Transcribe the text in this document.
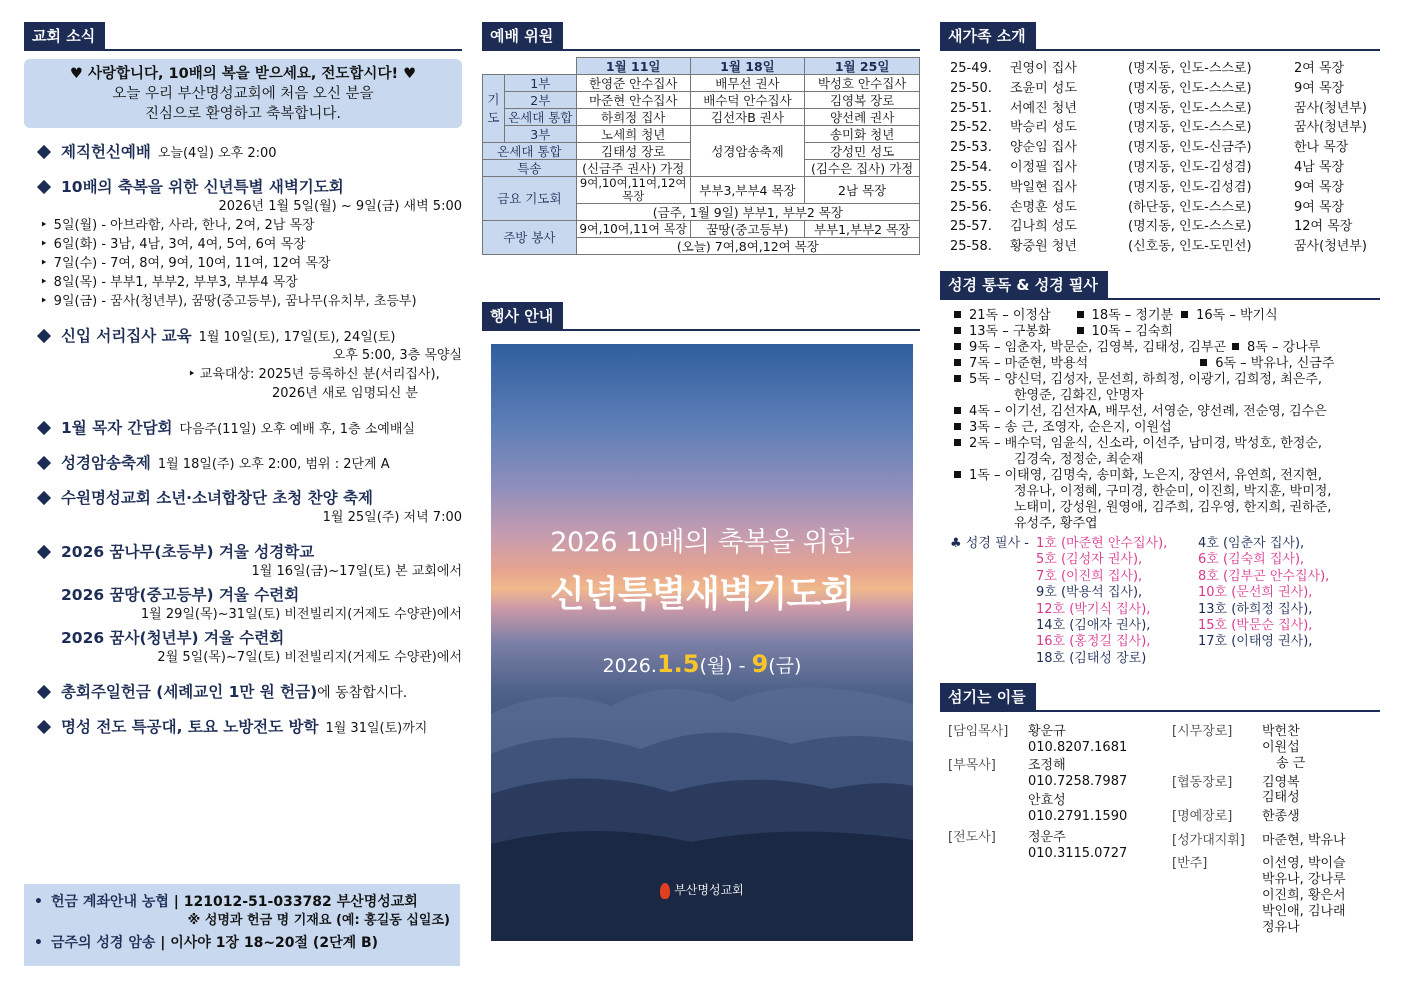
교회 소식
♥ 사랑합니다, 10배의 복을 받으세요, 전도합시다! ♥
오늘 우리 부산명성교회에 처음 오신 분을
진심으로 환영하고 축복합니다.
제직헌신예배 오늘(4일) 오후 2:00
10배의 축복을 위한 신년특별 새벽기도회
2026년 1월 5일(월) ~ 9일(금) 새벽 5:00
‣ 5일(월) - 아브라함, 사라, 한나, 2여, 2남 목장
‣ 6일(화) - 3남, 4남, 3여, 4여, 5여, 6여 목장
‣ 7일(수) - 7여, 8여, 9여, 10여, 11여, 12여 목장
‣ 8일(목) - 부부1, 부부2, 부부3, 부부4 목장
‣ 9일(금) - 꿈사(청년부), 꿈땅(중고등부), 꿈나무(유치부, 초등부)
신입 서리집사 교육 1월 10일(토), 17일(토), 24일(토)
오후 5:00, 3층 목양실
‣ 교육대상: 2025년 등록하신 분(서리집사),
2026년 새로 임명되신 분
1월 목자 간담회 다음주(11일) 오후 예배 후, 1층 소예배실
성경암송축제 1월 18일(주) 오후 2:00, 범위 : 2단계 A
수원명성교회 소년·소녀합창단 초청 찬양 축제
1월 25일(주) 저녁 7:00
2026 꿈나무(초등부) 겨울 성경학교
1월 16일(금)~17일(토) 본 교회에서
2026 꿈땅(중고등부) 겨울 수련회
1월 29일(목)~31일(토) 비전빌리지(거제도 수양관)에서
2026 꿈사(청년부) 겨울 수련회
2월 5일(목)~7일(토) 비전빌리지(거제도 수양관)에서
총회주일헌금 (세례교인 1만 원 헌금) 에 동참합시다.
명성 전도 특공대, 토요 노방전도 방학 1월 31일(토)까지
• 헌금 계좌안내 농협 | 121012-51-033782 부산명성교회
※ 성명과 헌금 명 기재요 (예: 홍길동 십일조)
• 금주의 성경 암송 | 이사야 1장 18~20절 (2단계 B)
예배 위원
		1월 11일	1월 18일	1월 25일
기도	1부	한영준 안수집사	배무선 권사	박성호 안수집사
	2부	마준현 안수집사	배수덕 안수집사	김영복 장로
	온세대 통합	하희정 집사	김선자B 권사	양선례 권사
	3부	노세희 청년	성경암송축제	송미화 청년
온세대 통합		김태성 장로		강성민 성도
특송		(신금주 권사) 가정		(김수은 집사) 가정
금요 기도회		9여,10여,11여,12여 목장	부부3,부부4 목장	2남 목장
		(금주, 1월 9일) 부부1, 부부2 목장		
주방 봉사		9여,10여,11여 목장	꿈땅(중고등부)	부부1,부부2 목장
		(오늘) 7여,8여,12여 목장		
행사 안내
2026 10배의 축복을 위한
신년특별새벽기도회
2026.1.5(월) - 9(금)
부산명성교회
새가족 소개
25-49.	권영이 집사	(명지동, 인도-스스로)	2여 목장
25-50.	조윤미 성도	(명지동, 인도-스스로)	9여 목장
25-51.	서예진 청년	(명지동, 인도-스스로)	꿈사(청년부)
25-52.	박승리 성도	(명지동, 인도-스스로)	꿈사(청년부)
25-53.	양순임 집사	(명지동, 인도-신금주)	한나 목장
25-54.	이정필 집사	(명지동, 인도-김성겸)	4남 목장
25-55.	박일현 집사	(명지동, 인도-김성겸)	9여 목장
25-56.	손명훈 성도	(하단동, 인도-스스로)	9여 목장
25-57.	김나희 성도	(명지동, 인도-스스로)	12여 목장
25-58.	황중원 청년	(신호동, 인도-도민선)	꿈사(청년부)
성경 통독 & 성경 필사
21독 – 이정삼	18독 – 정기분 16독 – 박기식
13독 – 구봉화	10독 – 김숙희
9독 – 임춘자, 박문순, 김영복, 김태성, 김부곤 8독 – 강나루
7독 – 마준현, 박용석	6독 – 박유나, 신금주
5독 – 양신덕, 김성자, 문선희, 하희정, 이광기, 김희정, 최은주,
한영준, 김화진, 안명자
4독 – 이기선, 김선자A, 배무선, 서영순, 양선례, 전순영, 김수은
3독 – 송 근, 조영자, 순은지, 이원섭
2독 – 배수덕, 임윤식, 신소라, 이선주, 남미경, 박성호, 한정순,
김경숙, 정정순, 최순재
1독 – 이태영, 김명숙, 송미화, 노은지, 장연서, 유연희, 전지현,
정유나, 이정혜, 구미경, 한순미, 이진희, 박지훈, 박미정,
노태미, 강성원, 원영애, 김주희, 김우영, 한지희, 권하준,
유성주, 황주엽
♣ 성경 필사 - 1호 (마준현 안수집사),	4호 (임춘자 집사),
5호 (김성자 권사),	6호 (김숙희 집사),
7호 (이진희 집사),	8호 (김부곤 안수집사),
9호 (박용석 집사),	10호 (문선희 권사),
12호 (박기식 집사),	13호 (하희정 집사),
14호 (김애자 권사),	15호 (박문순 집사),
16호 (홍정길 집사),	17호 (이태영 권사),
18호 (김태성 장로)
섬기는 이들
[담임목사] 황운규
010.8207.1681
[부목사] 조정해
010.7258.7987
안효성
010.2791.1590
[전도사] 정운주
010.3115.0727
[시무장로] 박헌찬
이원섭
송 근
[협동장로] 김영복
김태성
[명예장로] 한종생
[성가대지휘] 마준현, 박유나
[반주]	이선영, 박이슬
박유나, 강나루
이진희, 황은서
박인애, 김나래
정유나
